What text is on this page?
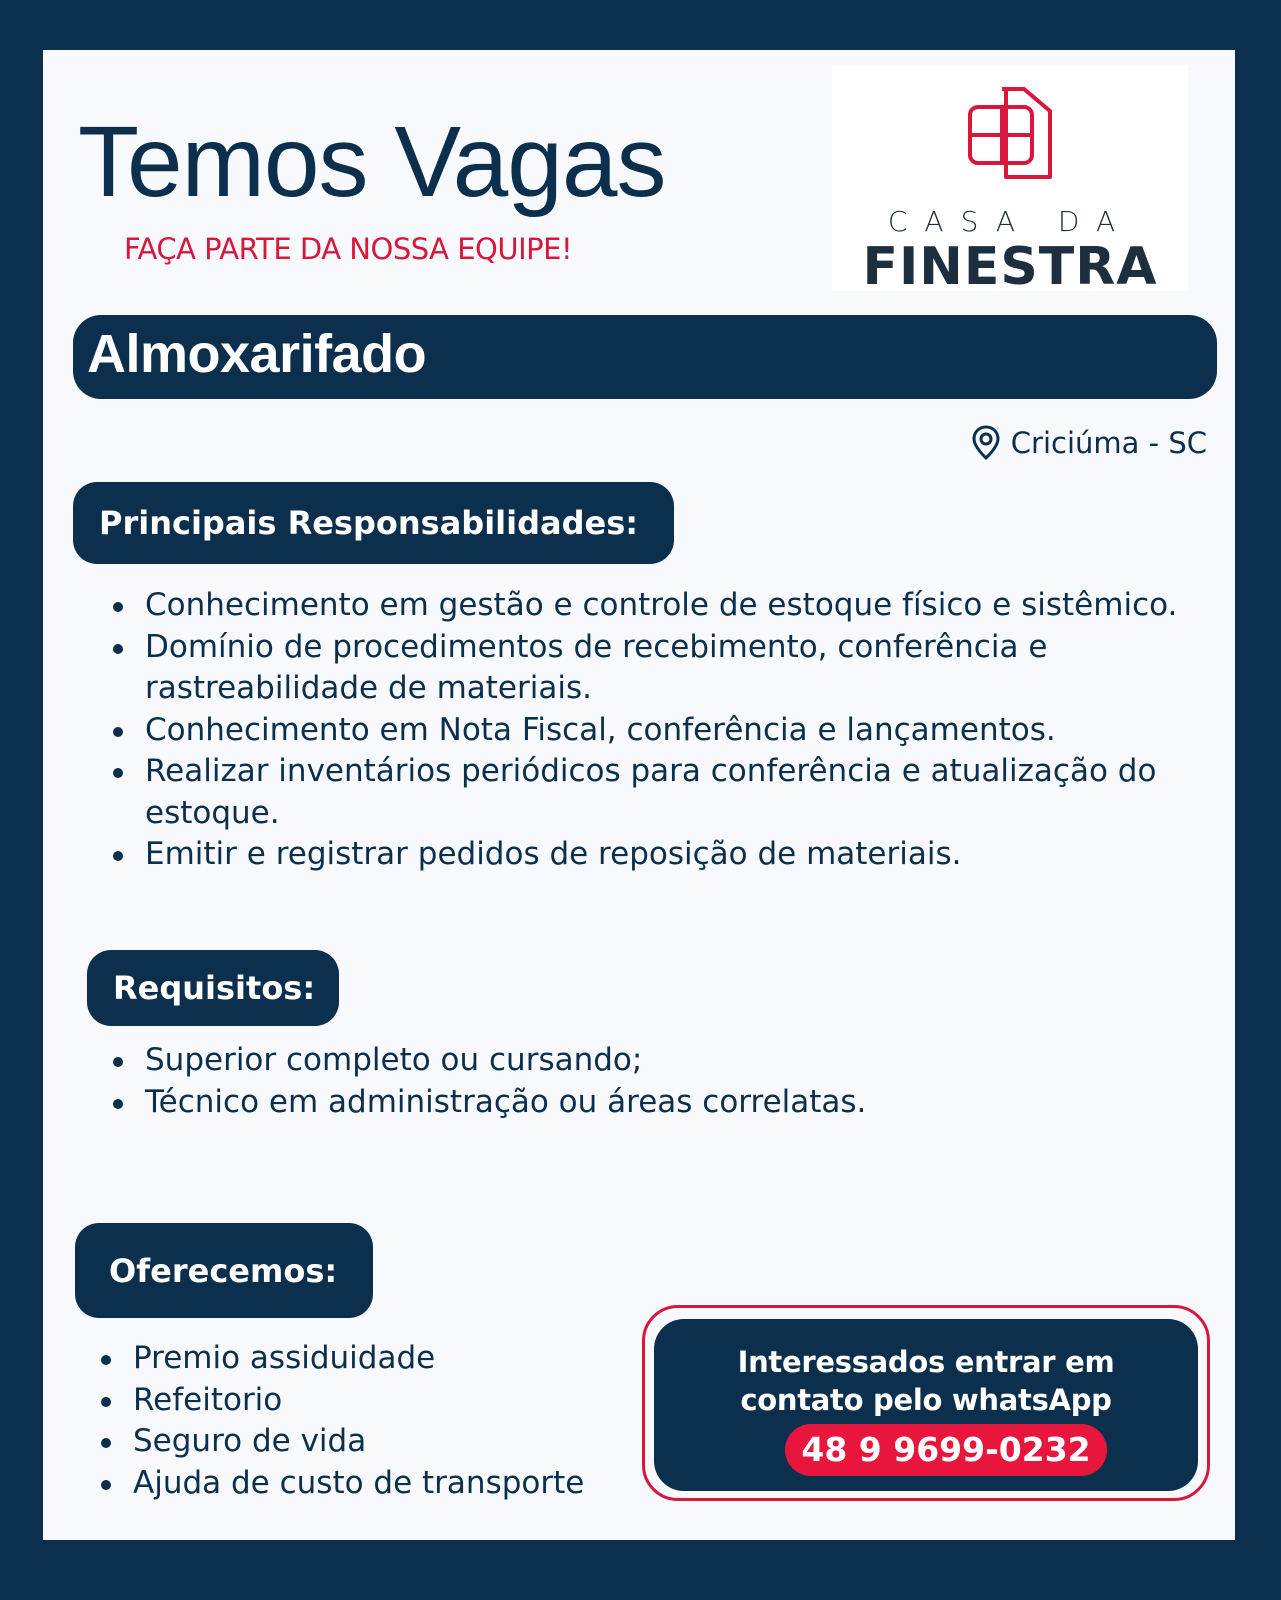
Temos Vagas
FAÇA PARTE DA NOSSA EQUIPE!
CASA DA
FINESTRA
Almoxarifado
Criciúma - SC
Principais Responsabilidades:
Conhecimento em gestão e controle de estoque físico e sistêmico.
Domínio de procedimentos de recebimento, conferência e rastreabilidade de materiais.
Conhecimento em Nota Fiscal, conferência e lançamentos.
Realizar inventários periódicos para conferência e atualização do estoque.
Emitir e registrar pedidos de reposição de materiais.
Requisitos:
Superior completo ou cursando;
Técnico em administração ou áreas correlatas.
Oferecemos:
Premio assiduidade
Refeitorio
Seguro de vida
Ajuda de custo de transporte
Interessados entrar em
contato pelo whatsApp
48 9 9699-0232
